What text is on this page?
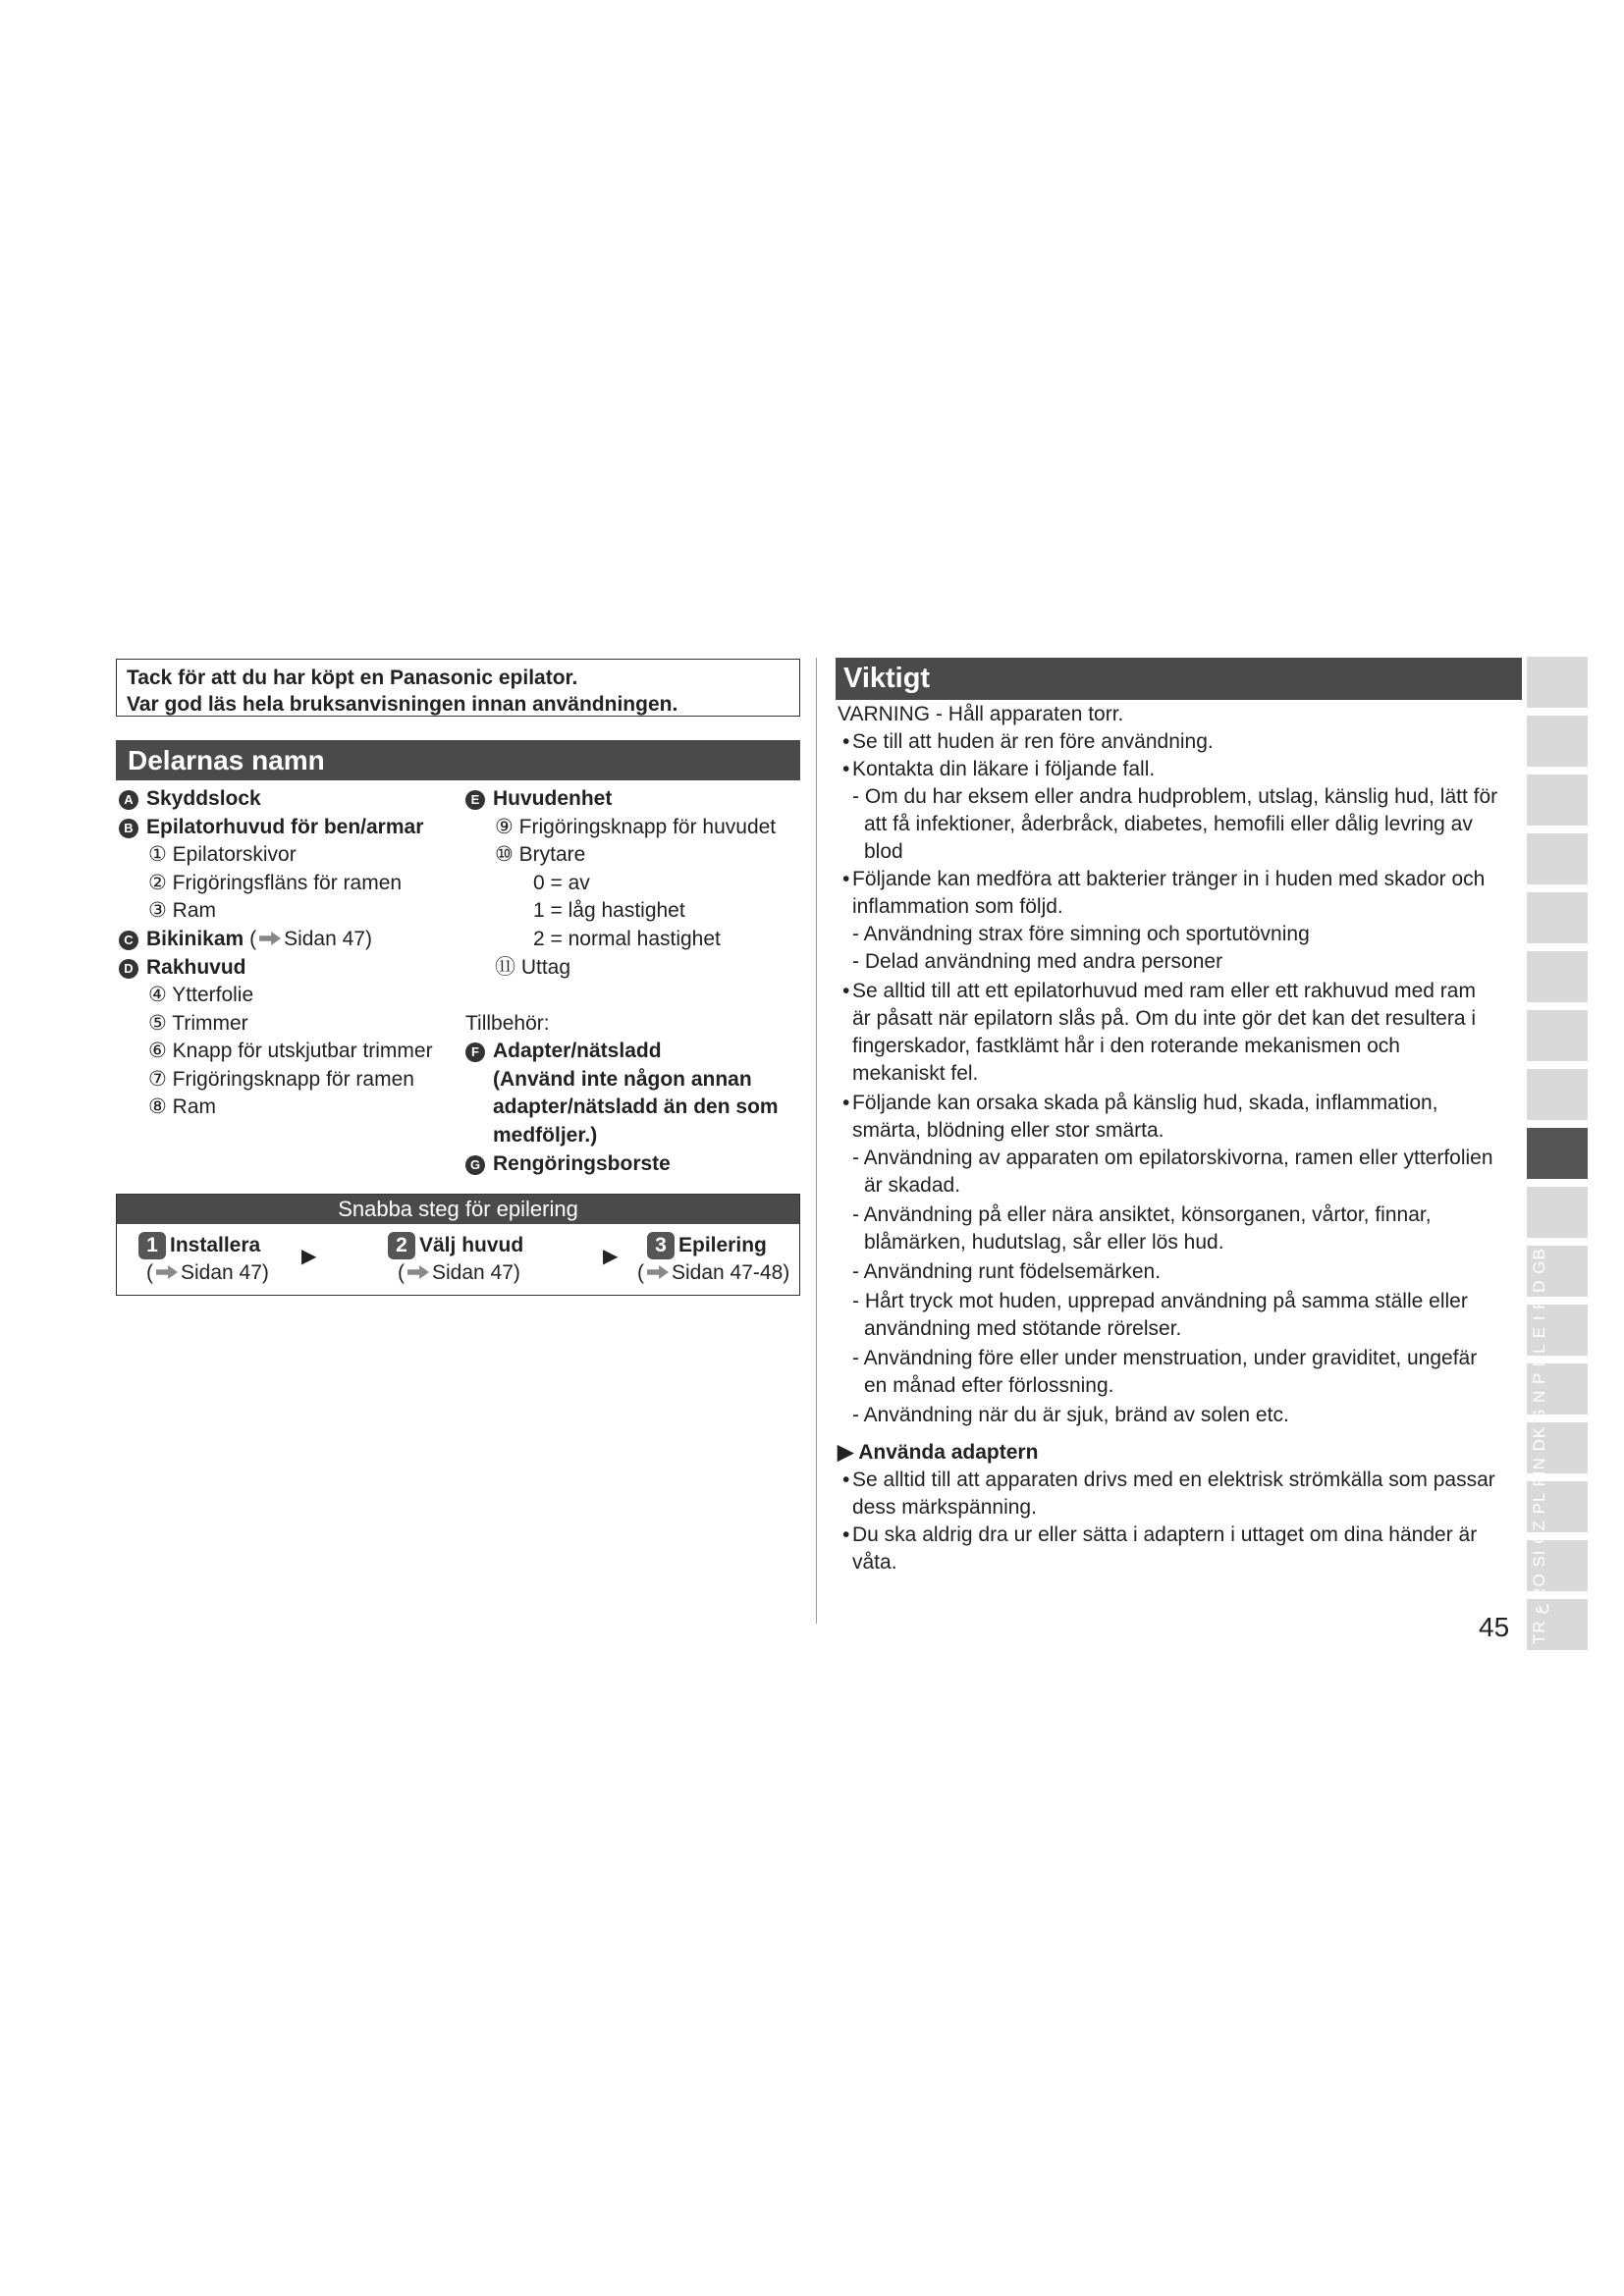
Tack för att du har köpt en Panasonic epilator.
Var god läs hela bruksanvisningen innan användningen.
Delarnas namn
A Skyddslock
B Epilatorhuvud för ben/armar
① Epilatorskivor
② Frigöringsfläns för ramen
③ Ram
C Bikinikam ( Sidan 47)
D Rakhuvud
④ Ytterfolie
⑤ Trimmer
⑥ Knapp för utskjutbar trimmer
⑦ Frigöringsknapp för ramen
⑧ Ram
E Huvudenhet
⑨ Frigöringsknapp för huvudet
⑩ Brytare
0 = av
1 = låg hastighet
2 = normal hastighet
⑪ Uttag
Tillbehör:
F Adapter/nätsladd
(Använd inte någon annan
adapter/nätsladd än den som
medföljer.)
G Rengöringsborste
Snabba steg för epilering
1 Installera
( Sidan 47)
▶	2 Välj huvud
( Sidan 47)
▶	3 Epilering
( Sidan 47-48)
Viktigt
VARNING - Håll apparaten torr.
• Se till att huden är ren före användning.
• Kontakta din läkare i följande fall.
- Om du har eksem eller andra hudproblem, utslag, känslig hud, lätt för
att få infektioner, åderbråck, diabetes, hemofili eller dålig levring av
blod
• Följande kan medföra att bakterier tränger in i huden med skador och
inflammation som följd.
- Användning strax före simning och sportutövning
- Delad användning med andra personer
• Se alltid till att ett epilatorhuvud med ram eller ett rakhuvud med ram
är påsatt när epilatorn slås på. Om du inte gör det kan det resultera i
fingerskador, fastklämt hår i den roterande mekanismen och
mekaniskt fel.
• Följande kan orsaka skada på känslig hud, skada, inflammation,
smärta, blödning eller stor smärta.
- Användning av apparaten om epilatorskivorna, ramen eller ytterfolien
är skadad.
- Användning på eller nära ansiktet, könsorganen, vårtor, finnar,
blåmärken, hudutslag, sår eller lös hud.
- Användning runt födelsemärken.
- Hårt tryck mot huden, upprepad användning på samma ställe eller
användning med stötande rörelser.
- Användning före eller under menstruation, under graviditet, ungefär
en månad efter förlossning.
- Användning när du är sjuk, bränd av solen etc.
▶ Använda adaptern
• Se alltid till att apparaten drivs med en elektrisk strömkälla som passar
dess märkspänning.
• Du ska aldrig dra ur eller sätta i adaptern i uttaget om dina händer är
våta.
TR ﻉ RO SI CZ PL FIN DK S N P NL E I F D GB
45
